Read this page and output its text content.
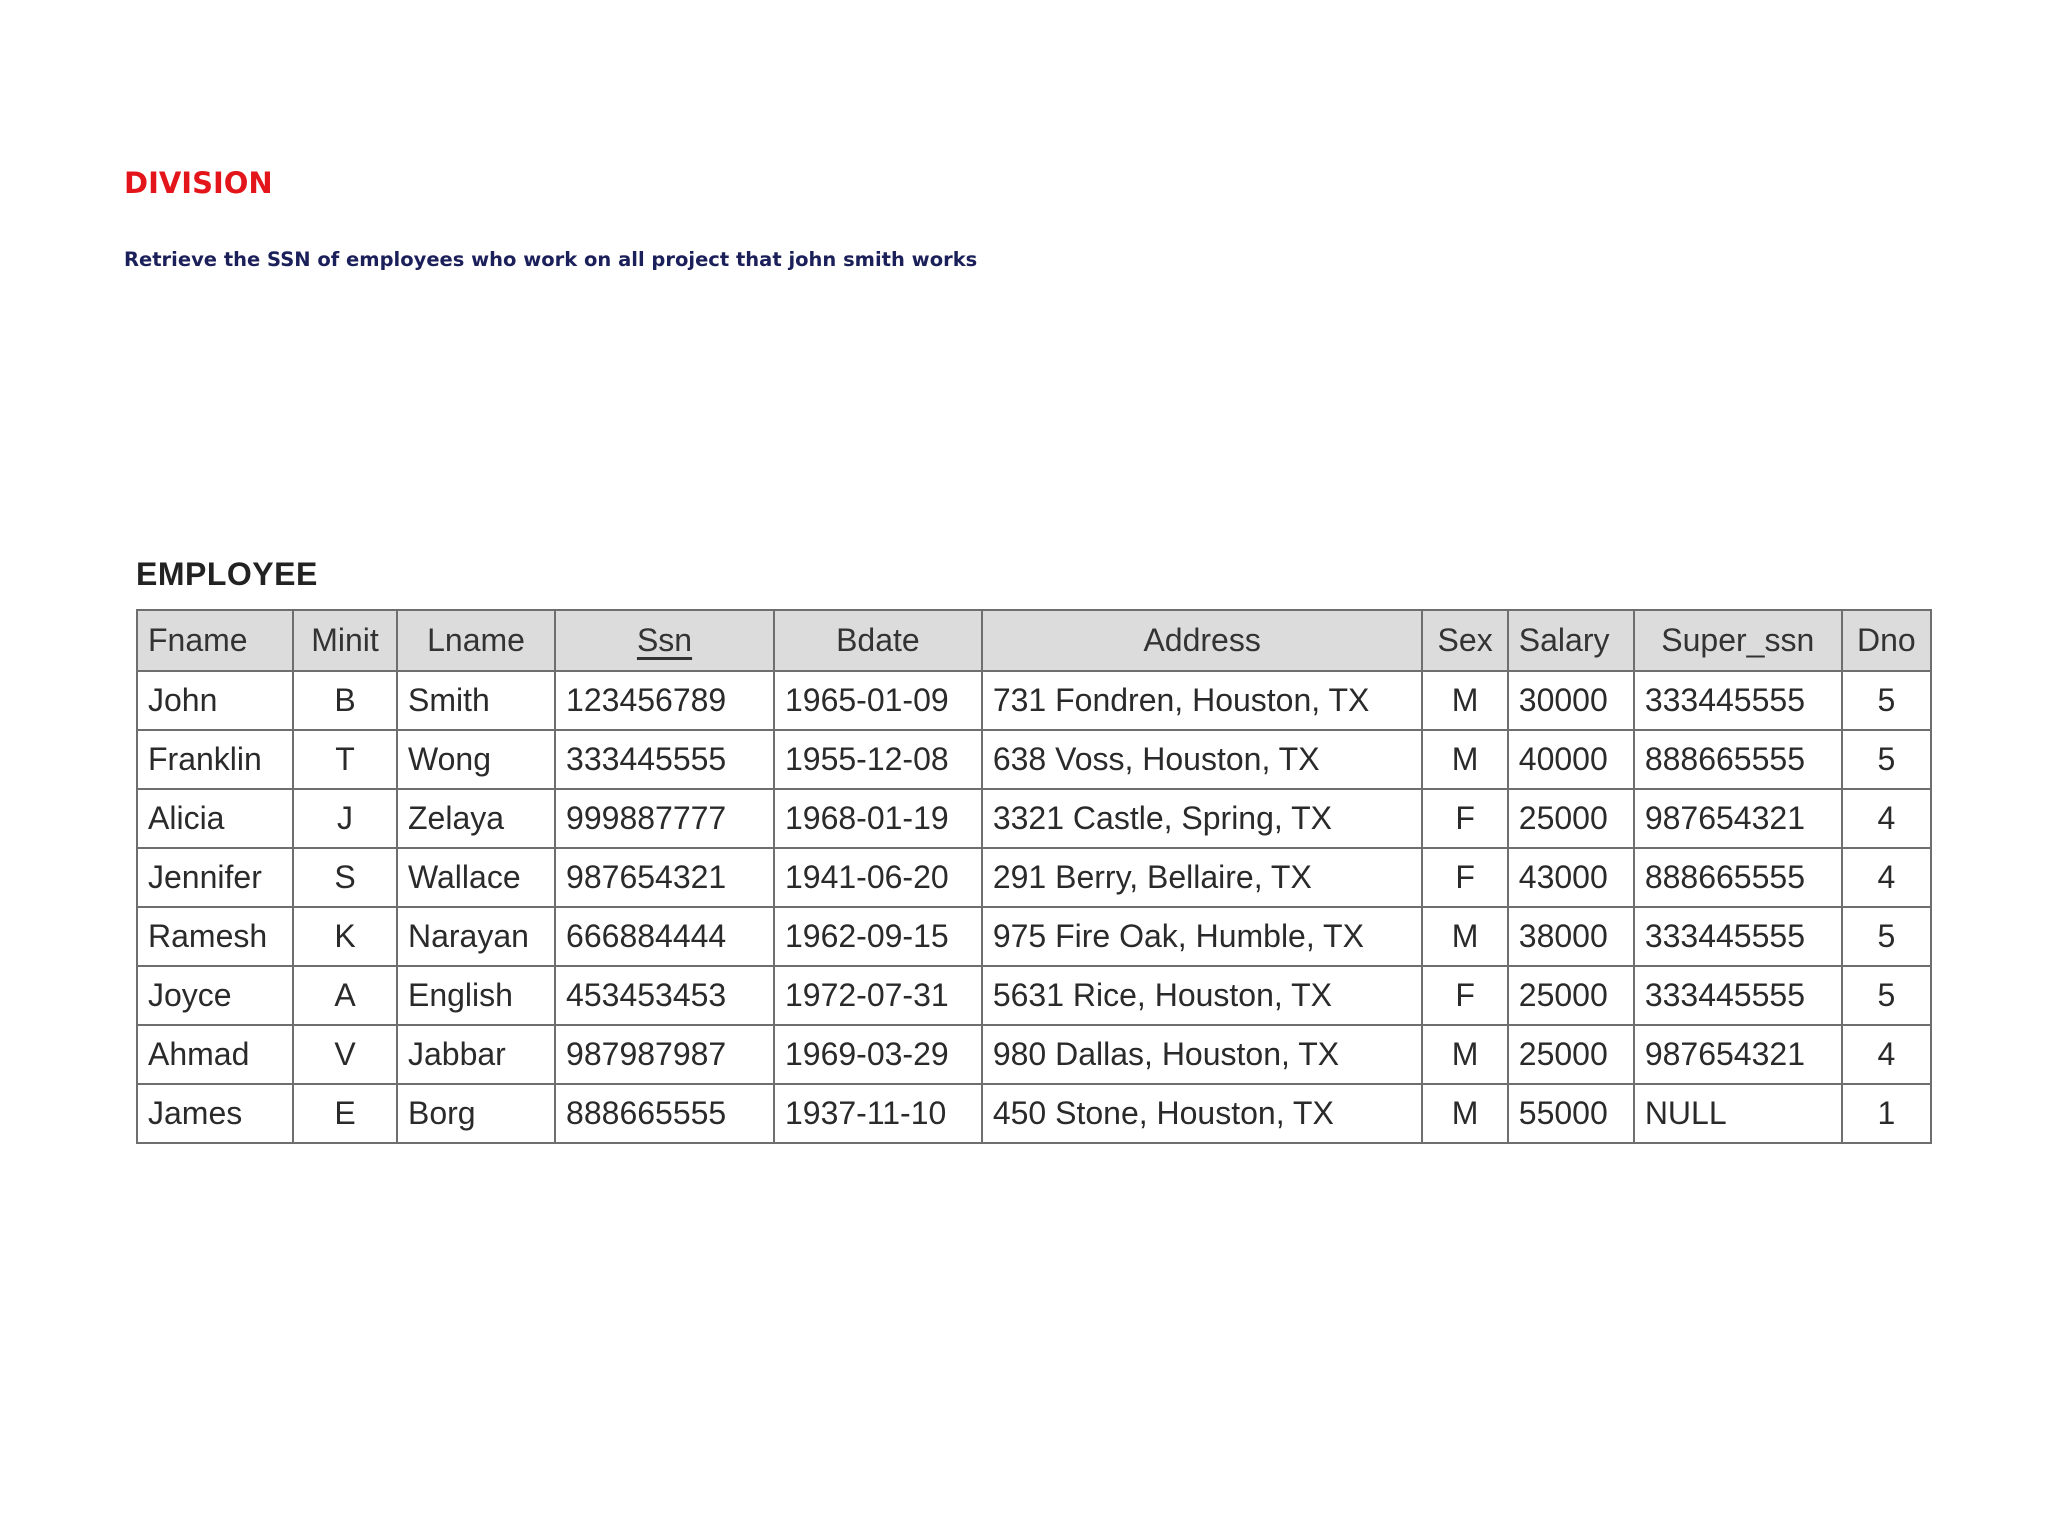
DIVISION

Retrieve the SSN of employees who work on all project that john smith works

EMPLOYEE
Fname	Minit	Lname	Ssn	Bdate	Address	Sex	Salary	Super_ssn	Dno
John	B	Smith	123456789	1965-01-09	731 Fondren, Houston, TX	M	30000	333445555	5
Franklin	T	Wong	333445555	1955-12-08	638 Voss, Houston, TX	M	40000	888665555	5
Alicia	J	Zelaya	999887777	1968-01-19	3321 Castle, Spring, TX	F	25000	987654321	4
Jennifer	S	Wallace	987654321	1941-06-20	291 Berry, Bellaire, TX	F	43000	888665555	4
Ramesh	K	Narayan	666884444	1962-09-15	975 Fire Oak, Humble, TX	M	38000	333445555	5
Joyce	A	English	453453453	1972-07-31	5631 Rice, Houston, TX	F	25000	333445555	5
Ahmad	V	Jabbar	987987987	1969-03-29	980 Dallas, Houston, TX	M	25000	987654321	4
James	E	Borg	888665555	1937-11-10	450 Stone, Houston, TX	M	55000	NULL	1
